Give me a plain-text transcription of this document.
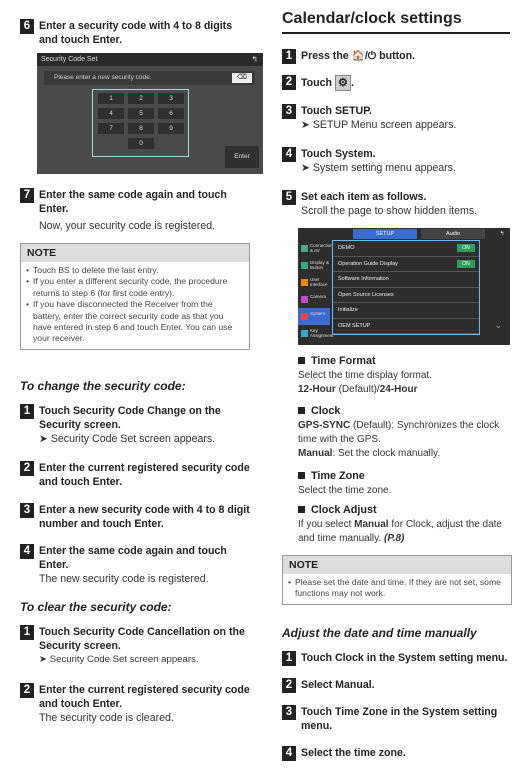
6 Enter a security code with 4 to 8 digits and touch Enter.
Security Code Set	↰
Please enter a new security code.	⌫
1	2	3
4	5	6
7	8	9
0
Enter
7 Enter the same code again and touch Enter.
Now, your security code is registered.
NOTE
• Touch BS to delete the last entry.
• If you enter a different security code, the procedure returns to step 6 (for first code entry).
• If you have disconnected the Receiver from the battery, enter the correct security code as that you have entered in step 6 and touch Enter. You can use your receiver.
To change the security code:
1 Touch Security Code Change on the Security screen.
➤ Security Code Set screen appears.
2 Enter the current registered security code and touch Enter.
3 Enter a new security code with 4 to 8 digit number and touch Enter.
4 Enter the same code again and touch Enter.
The new security code is registered.
To clear the security code:
1 Touch Security Code Cancellation on the Security screen.
➤ Security Code Set screen appears.
2 Enter the current registered security code and touch Enter.
The security code is cleared.
Calendar/clock settings
1 Press the 🏠/⏻ button.
2 Touch ⚙ .
3 Touch SETUP.
➤ SETUP Menu screen appears.
4 Touch System.
➤ System setting menu appears.
5 Set each item as follows.
Scroll the page to show hidden items.
SETUP	Audio	↰
Connection & AV
Display & Button
User Interface
Camera
System
Key Assignment
DEMO	ON
Operation Guide Display	ON
Software Information
Open Source Licenses
Initialize
OEM SETUP	⌄
Time Format
Select the time display format.
12-Hour (Default)/24-Hour
Clock
GPS-SYNC (Default): Synchronizes the clock time with the GPS.
Manual: Set the clock manually.
Time Zone
Select the time zone.
Clock Adjust
If you select Manual for Clock, adjust the date and time manually. (P.8)
NOTE
• Please set the date and time. If they are not set, some functions may not work.
Adjust the date and time manually
1 Touch Clock in the System setting menu.
2 Select Manual.
3 Touch Time Zone in the System setting menu.
4 Select the time zone.
